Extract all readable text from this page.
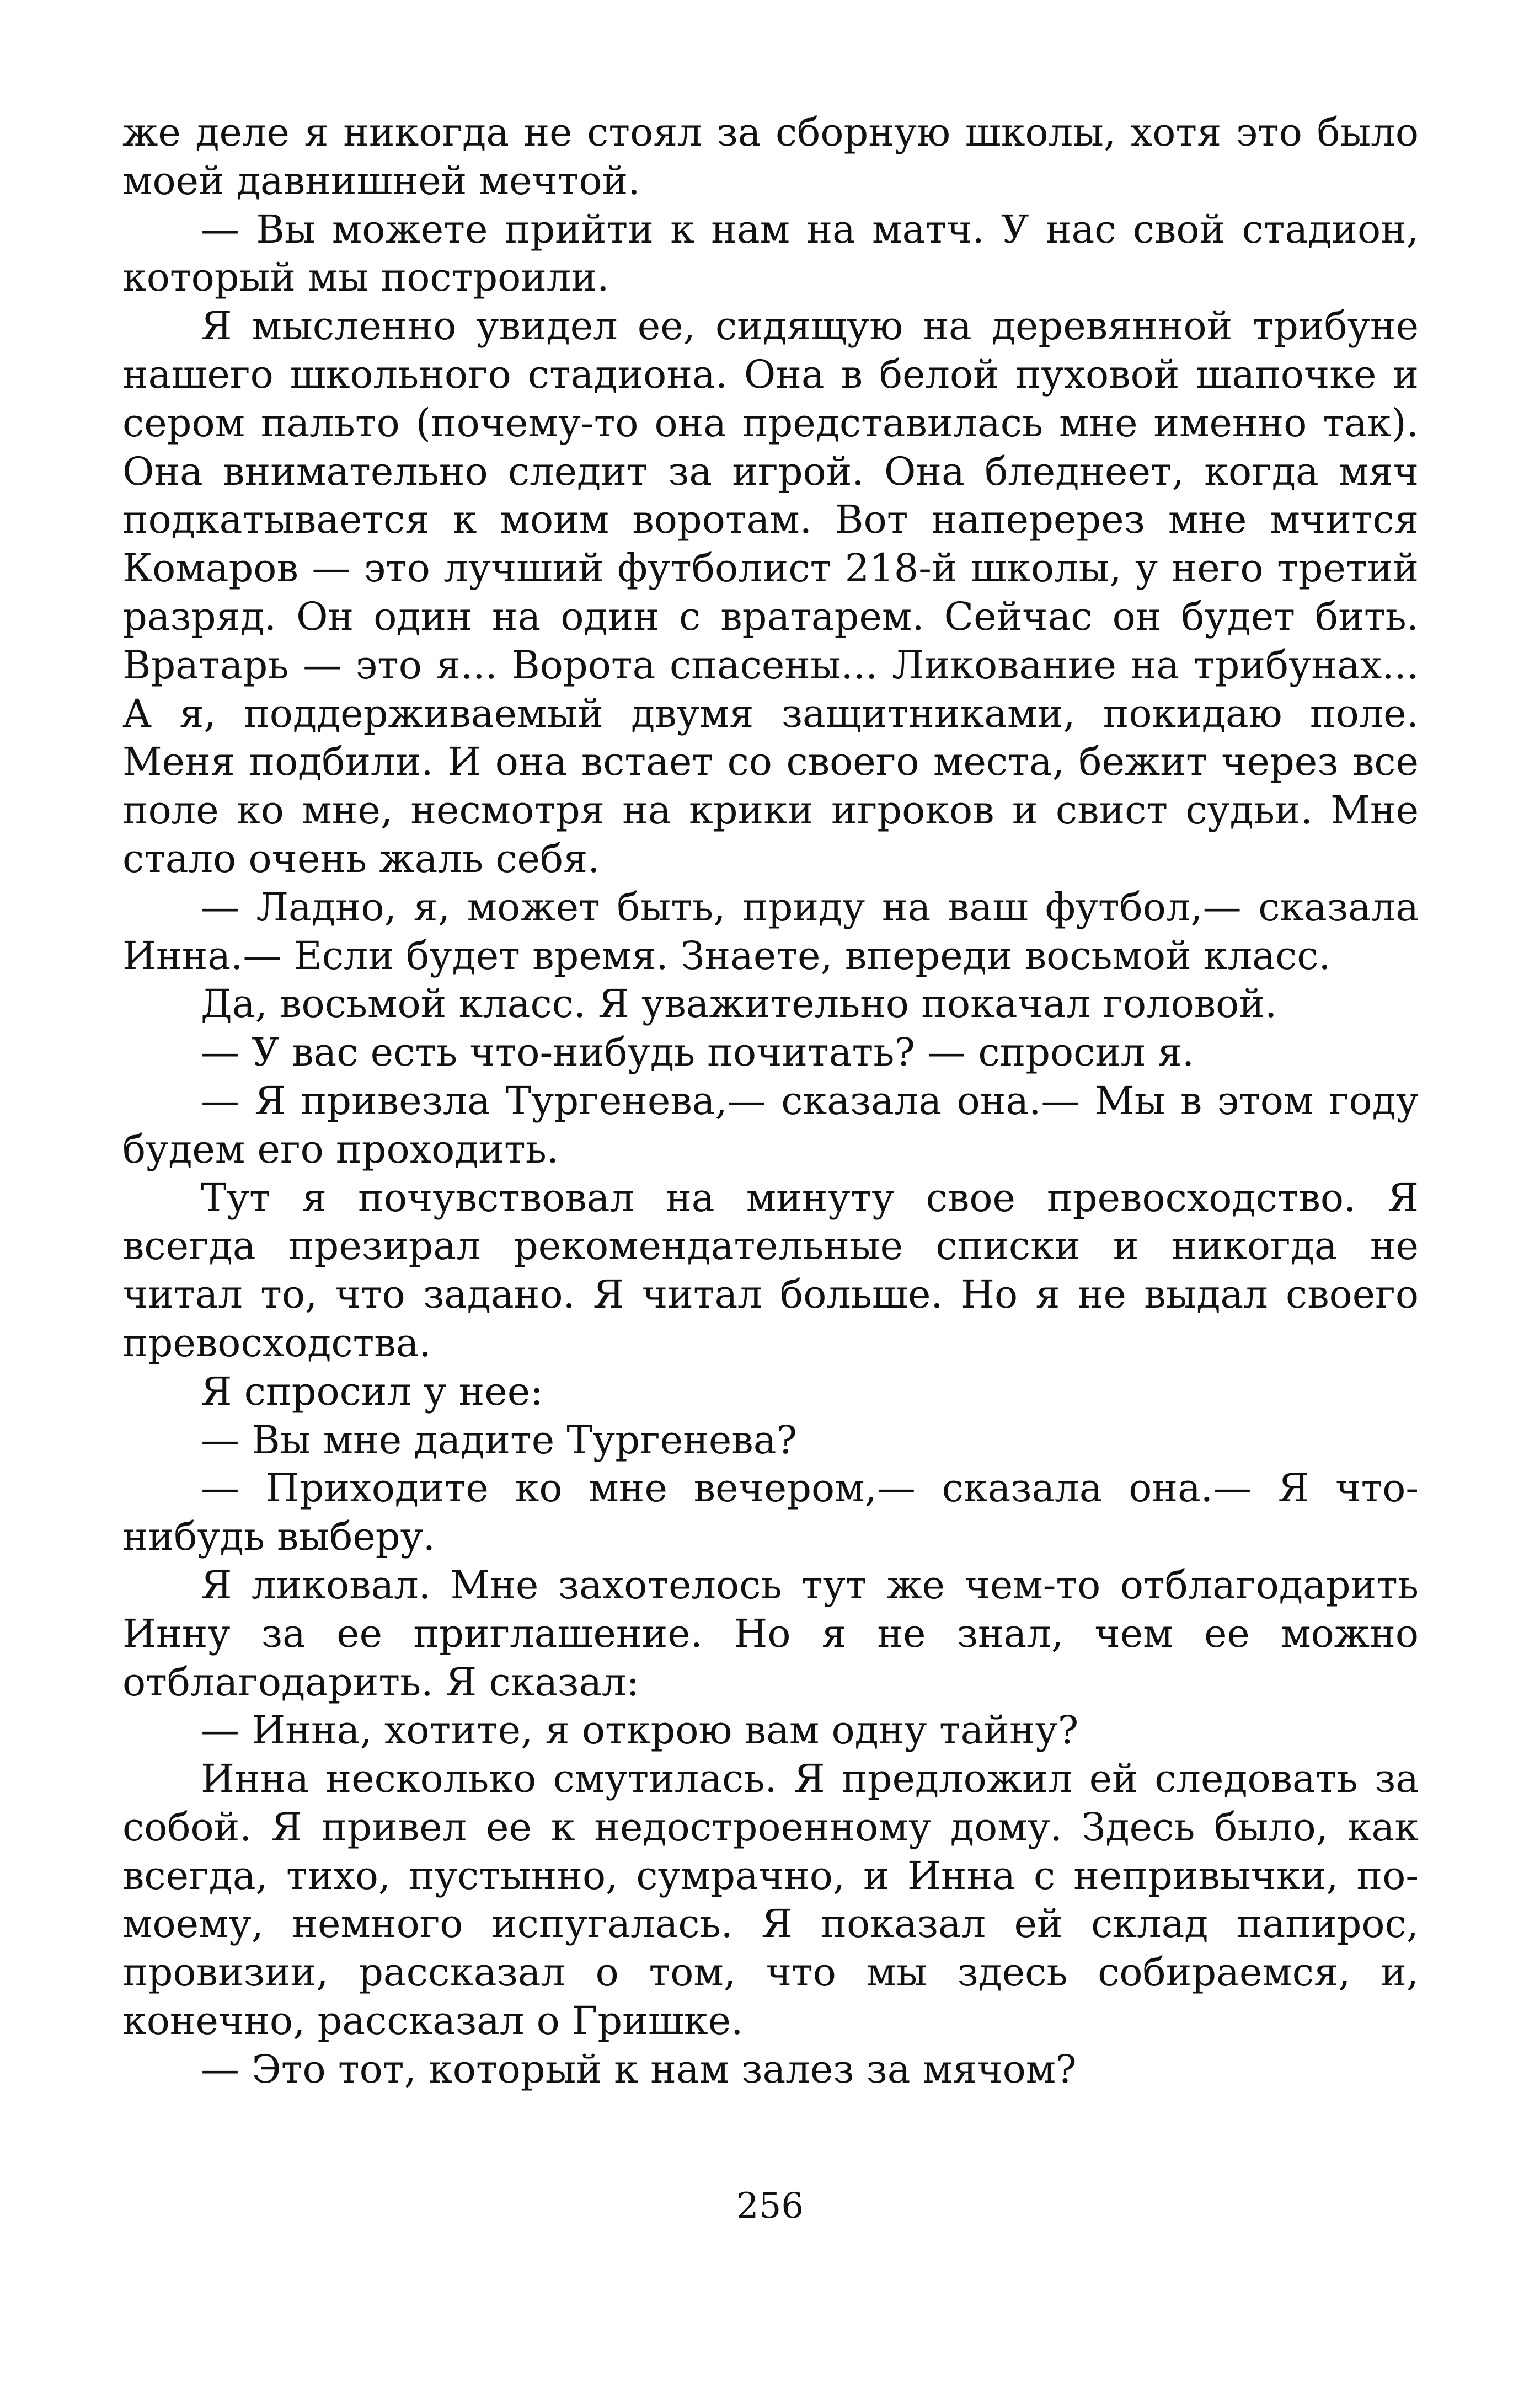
же деле я никогда не стоял за сборную школы, хотя это было моей давнишней мечтой.

— Вы можете прийти к нам на матч. У нас свой стадион, который мы построили.

Я мысленно увидел ее, сидящую на деревянной трибуне нашего школьного стадиона. Она в белой пуховой шапочке и сером пальто (почему-то она представилась мне именно так). Она внимательно следит за игрой. Она бледнеет, когда мяч подкатывается к моим воротам. Вот наперерез мне мчится Комаров — это лучший футболист 218-й школы, у него третий разряд. Он один на один с вратарем. Сейчас он будет бить. Вратарь — это я... Ворота спасены... Ликование на трибунах... А я, поддерживаемый двумя защитниками, покидаю поле. Меня подбили. И она встает со своего места, бежит через все поле ко мне, несмотря на крики игроков и свист судьи. Мне стало очень жаль себя.

— Ладно, я, может быть, приду на ваш футбол,— сказала Инна.— Если будет время. Знаете, впереди восьмой класс.

Да, восьмой класс. Я уважительно покачал головой.

— У вас есть что-нибудь почитать? — спросил я.

— Я привезла Тургенева,— сказала она.— Мы в этом году будем его проходить.

Тут я почувствовал на минуту свое превосходство. Я всегда презирал рекомендательные списки и никогда не читал то, что задано. Я читал больше. Но я не выдал своего превосходства.

Я спросил у нее:

— Вы мне дадите Тургенева?

— Приходите ко мне вечером,— сказала она.— Я что-нибудь выберу.

Я ликовал. Мне захотелось тут же чем-то отблагодарить Инну за ее приглашение. Но я не знал, чем ее можно отблагодарить. Я сказал:

— Инна, хотите, я открою вам одну тайну?

Инна несколько смутилась. Я предложил ей следовать за собой. Я привел ее к недостроенному дому. Здесь было, как всегда, тихо, пустынно, сумрачно, и Инна с непривычки, по-моему, немного испугалась. Я показал ей склад папирос, провизии, рассказал о том, что мы здесь собираемся, и, конечно, рассказал о Гришке.

— Это тот, который к нам залез за мячом?

256
